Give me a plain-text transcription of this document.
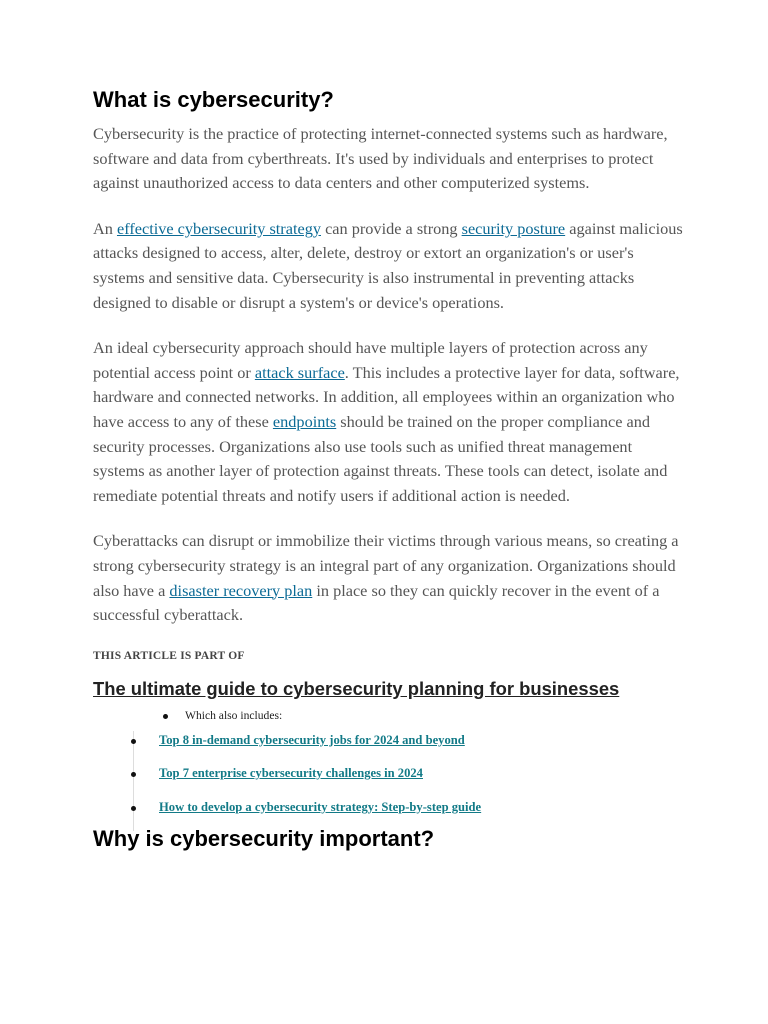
What is cybersecurity?

Cybersecurity is the practice of protecting internet-connected systems such as hardware, software and data from cyberthreats. It's used by individuals and enterprises to protect against unauthorized access to data centers and other computerized systems.

An effective cybersecurity strategy can provide a strong security posture against malicious attacks designed to access, alter, delete, destroy or extort an organization's or user's systems and sensitive data. Cybersecurity is also instrumental in preventing attacks designed to disable or disrupt a system's or device's operations.

An ideal cybersecurity approach should have multiple layers of protection across any potential access point or attack surface. This includes a protective layer for data, software, hardware and connected networks. In addition, all employees within an organization who have access to any of these endpoints should be trained on the proper compliance and security processes. Organizations also use tools such as unified threat management systems as another layer of protection against threats. These tools can detect, isolate and remediate potential threats and notify users if additional action is needed.

Cyberattacks can disrupt or immobilize their victims through various means, so creating a strong cybersecurity strategy is an integral part of any organization. Organizations should also have a disaster recovery plan in place so they can quickly recover in the event of a successful cyberattack.

THIS ARTICLE IS PART OF
The ultimate guide to cybersecurity planning for businesses
Which also includes:
Top 8 in-demand cybersecurity jobs for 2024 and beyond
Top 7 enterprise cybersecurity challenges in 2024
How to develop a cybersecurity strategy: Step-by-step guide
Why is cybersecurity important?
